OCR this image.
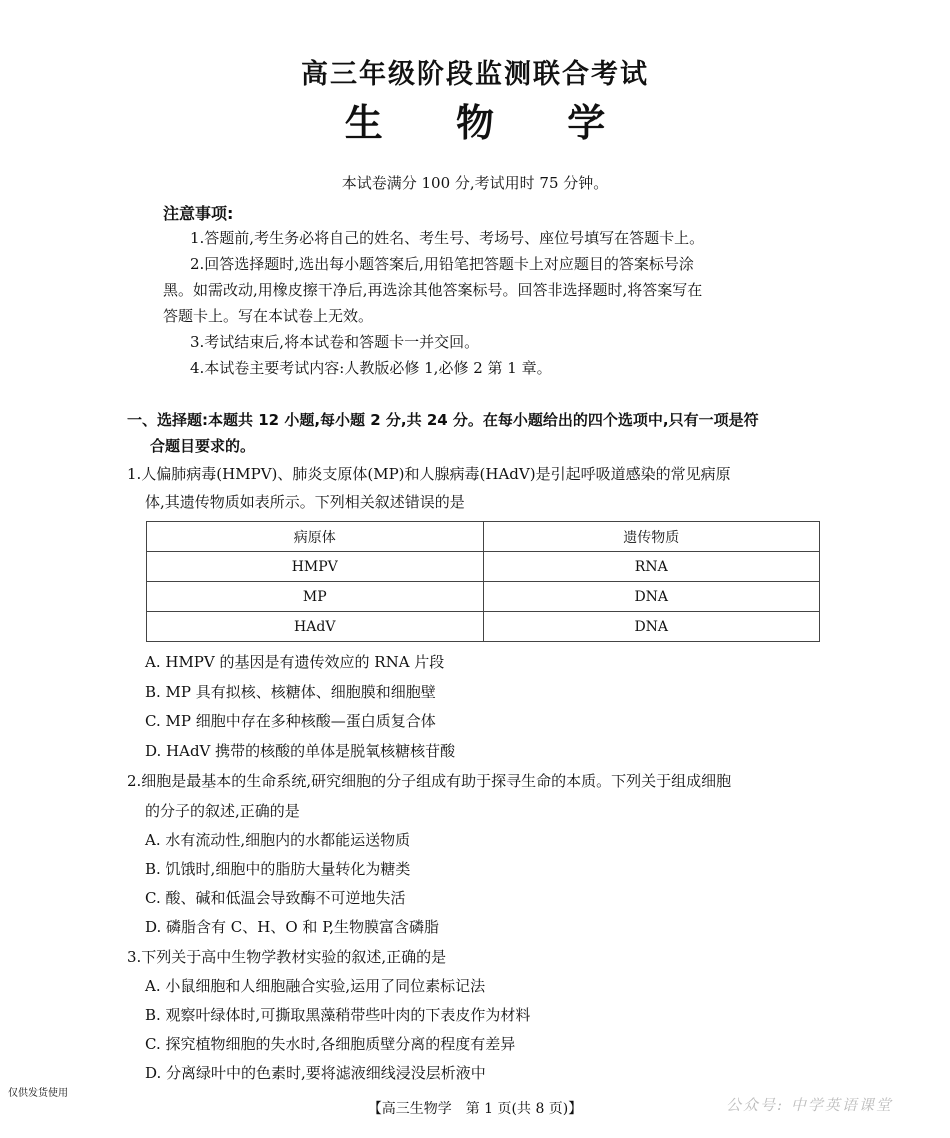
高三年级阶段监测联合考试
生 物 学
本试卷满分 100 分,考试用时 75 分钟。
注意事项:
1.答题前,考生务必将自己的姓名、考生号、考场号、座位号填写在答题卡上。
2.回答选择题时,选出每小题答案后,用铅笔把答题卡上对应题目的答案标号涂
黑。如需改动,用橡皮擦干净后,再选涂其他答案标号。回答非选择题时,将答案写在
答题卡上。写在本试卷上无效。
3.考试结束后,将本试卷和答题卡一并交回。
4.本试卷主要考试内容:人教版必修 1,必修 2 第 1 章。
一、选择题:本题共 12 小题,每小题 2 分,共 24 分。在每小题给出的四个选项中,只有一项是符
合题目要求的。
1.人偏肺病毒(HMPV)、肺炎支原体(MP)和人腺病毒(HAdV)是引起呼吸道感染的常见病原
体,其遗传物质如表所示。下列相关叙述错误的是
病原体	遗传物质
HMPV	RNA
MP	DNA
HAdV	DNA
A. HMPV 的基因是有遗传效应的 RNA 片段
B. MP 具有拟核、核糖体、细胞膜和细胞壁
C. MP 细胞中存在多种核酸—蛋白质复合体
D. HAdV 携带的核酸的单体是脱氧核糖核苷酸
2.细胞是最基本的生命系统,研究细胞的分子组成有助于探寻生命的本质。下列关于组成细胞
的分子的叙述,正确的是
A. 水有流动性,细胞内的水都能运送物质
B. 饥饿时,细胞中的脂肪大量转化为糖类
C. 酸、碱和低温会导致酶不可逆地失活
D. 磷脂含有 C、H、O 和 P,生物膜富含磷脂
3.下列关于高中生物学教材实验的叙述,正确的是
A. 小鼠细胞和人细胞融合实验,运用了同位素标记法
B. 观察叶绿体时,可撕取黑藻稍带些叶肉的下表皮作为材料
C. 探究植物细胞的失水时,各细胞质壁分离的程度有差异
D. 分离绿叶中的色素时,要将滤液细线浸没层析液中
仅供发货使用
【高三生物学　第 1 页(共 8 页)】	公众号: 中学英语课堂
